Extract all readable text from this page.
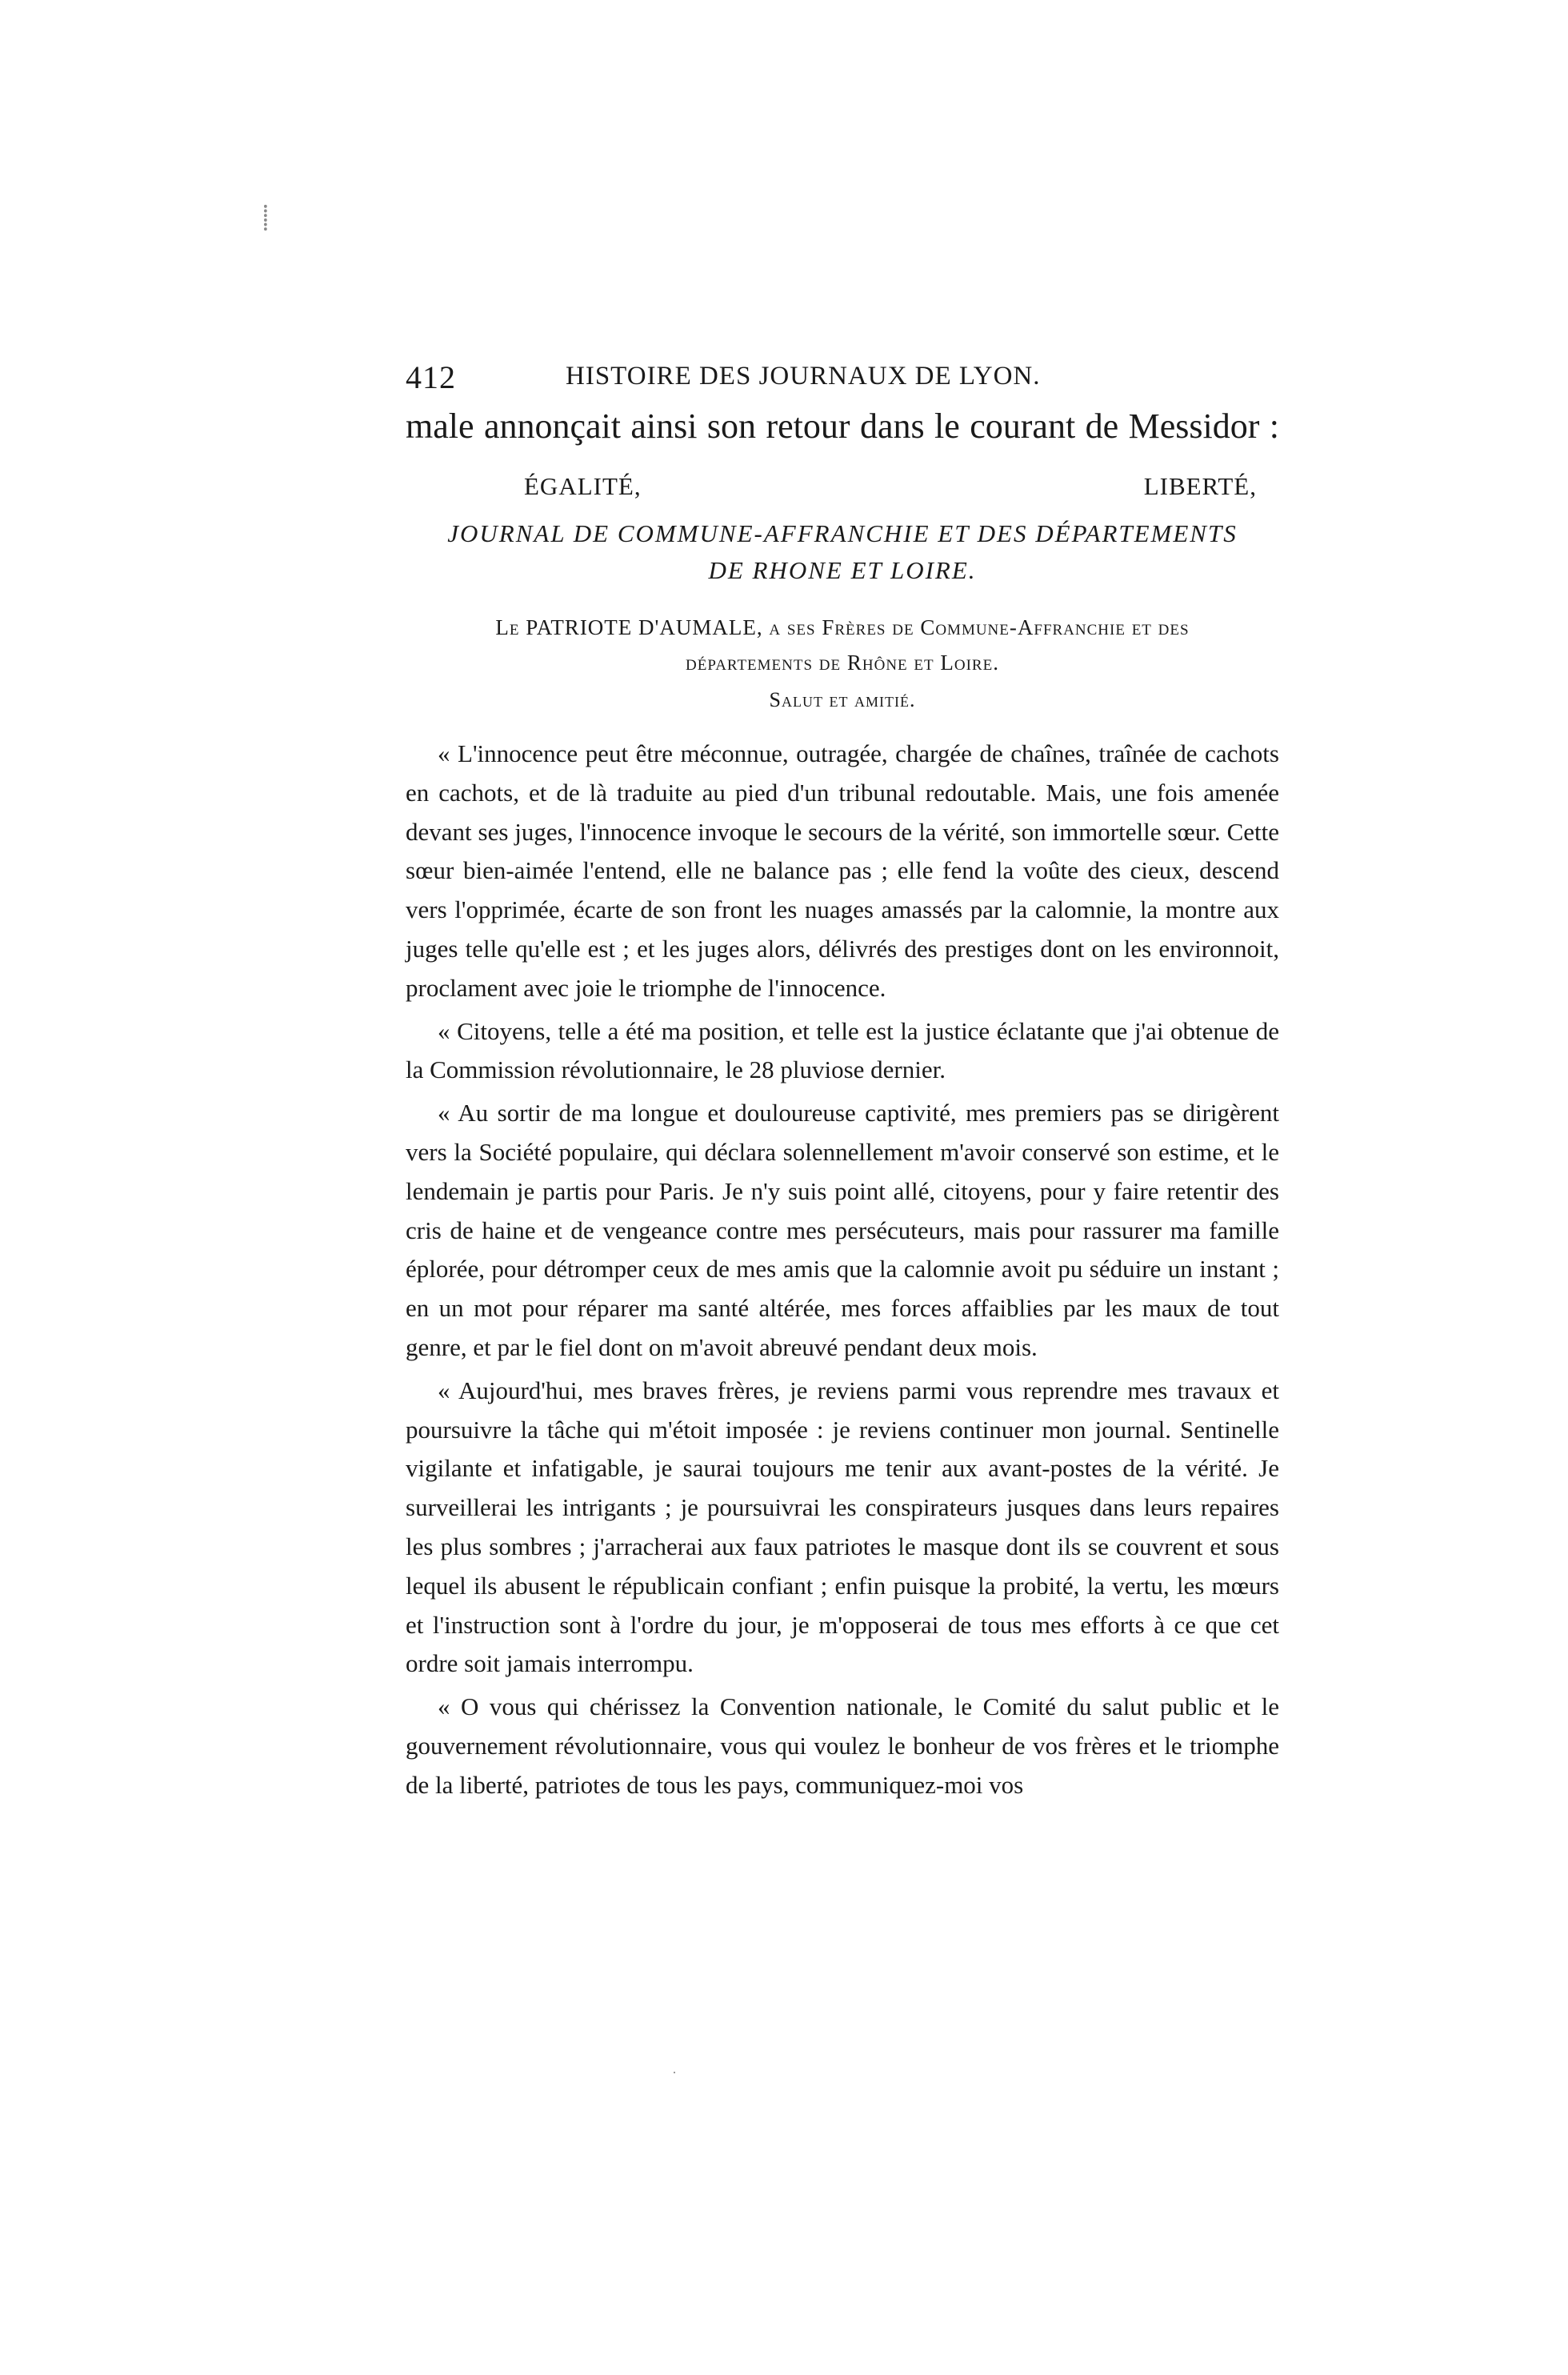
⸽
·
412	HISTOIRE DES JOURNAUX DE LYON.
male annonçait ainsi son retour dans le courant de Messidor :
ÉGALITÉ,	LIBERTÉ,
JOURNAL DE COMMUNE-AFFRANCHIE ET DES DÉPARTEMENTS
DE RHONE ET LOIRE.
Le PATRIOTE D'AUMALE, a ses Frères de Commune-Affranchie et des
départements de Rhône et Loire.
Salut et amitié.

« L'innocence peut être méconnue, outragée, chargée de chaînes, traînée de cachots en cachots, et de là traduite au pied d'un tribunal redoutable. Mais, une fois amenée devant ses juges, l'innocence invoque le secours de la vérité, son immortelle sœur. Cette sœur bien-aimée l'entend, elle ne balance pas ; elle fend la voûte des cieux, descend vers l'opprimée, écarte de son front les nuages amassés par la calomnie, la montre aux juges telle qu'elle est ; et les juges alors, délivrés des prestiges dont on les environnoit, proclament avec joie le triomphe de l'innocence.

« Citoyens, telle a été ma position, et telle est la justice éclatante que j'ai obtenue de la Commission révolutionnaire, le 28 pluviose dernier.

« Au sortir de ma longue et douloureuse captivité, mes premiers pas se dirigèrent vers la Société populaire, qui déclara solennellement m'avoir conservé son estime, et le lendemain je partis pour Paris. Je n'y suis point allé, citoyens, pour y faire retentir des cris de haine et de vengeance contre mes persécuteurs, mais pour rassurer ma famille éplorée, pour détromper ceux de mes amis que la calomnie avoit pu séduire un instant ; en un mot pour réparer ma santé altérée, mes forces affaiblies par les maux de tout genre, et par le fiel dont on m'avoit abreuvé pendant deux mois.

« Aujourd'hui, mes braves frères, je reviens parmi vous reprendre mes travaux et poursuivre la tâche qui m'étoit imposée : je reviens continuer mon journal. Sentinelle vigilante et infatigable, je saurai toujours me tenir aux avant-postes de la vérité. Je surveillerai les intrigants ; je poursuivrai les conspirateurs jusques dans leurs repaires les plus sombres ; j'arracherai aux faux patriotes le masque dont ils se couvrent et sous lequel ils abusent le républicain confiant ; enfin puisque la probité, la vertu, les mœurs et l'instruction sont à l'ordre du jour, je m'opposerai de tous mes efforts à ce que cet ordre soit jamais interrompu.

« O vous qui chérissez la Convention nationale, le Comité du salut public et le gouvernement révolutionnaire, vous qui voulez le bonheur de vos frères et le triomphe de la liberté, patriotes de tous les pays, communiquez-moi vos
